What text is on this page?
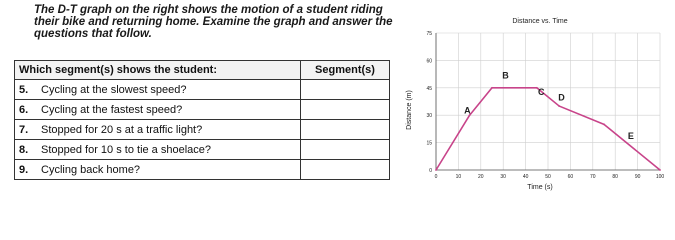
The D-T graph on the right shows the motion of a student riding their bike and returning home. Examine the graph and answer the questions that follow.

Which segment(s) shows the student:		Segment(s)
5.	Cycling at the slowest speed?	
6.	Cycling at the fastest speed?	
7.	Stopped for 20 s at a traffic light?	
8.	Stopped for 10 s to tie a shoelace?	
9.	Cycling back home?	
Distance vs. Time
Time (s)
Distance (m)
0	10	20	30	40	50	60	70	80	90	100
0
15
30
45
60
75
A
B
C
D
E
